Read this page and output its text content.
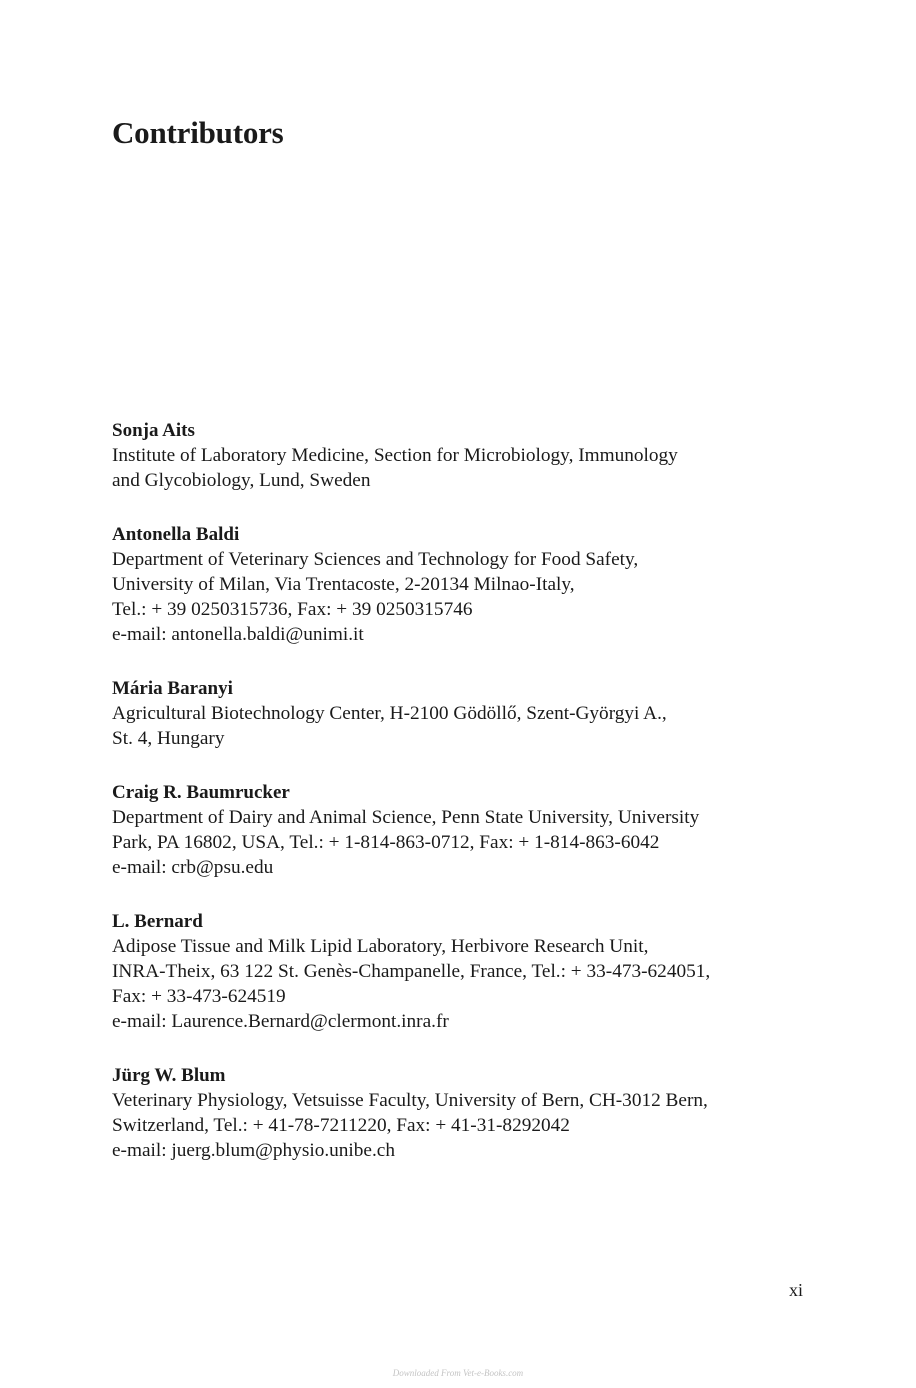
Contributors
Sonja Aits
Institute of Laboratory Medicine, Section for Microbiology, Immunology
and Glycobiology, Lund, Sweden
Antonella Baldi
Department of Veterinary Sciences and Technology for Food Safety,
University of Milan, Via Trentacoste, 2-20134 Milnao-Italy,
Tel.: + 39 0250315736, Fax: + 39 0250315746
e-mail: antonella.baldi@unimi.it
Mária Baranyi
Agricultural Biotechnology Center, H-2100 Gödöllő, Szent-Györgyi A.,
St. 4, Hungary
Craig R. Baumrucker
Department of Dairy and Animal Science, Penn State University, University
Park, PA 16802, USA, Tel.: + 1-814-863-0712, Fax: + 1-814-863-6042
e-mail: crb@psu.edu
L. Bernard
Adipose Tissue and Milk Lipid Laboratory, Herbivore Research Unit,
INRA-Theix, 63 122 St. Genès-Champanelle, France, Tel.: + 33-473-624051,
Fax: + 33-473-624519
e-mail: Laurence.Bernard@clermont.inra.fr
Jürg W. Blum
Veterinary Physiology, Vetsuisse Faculty, University of Bern, CH-3012 Bern,
Switzerland, Tel.: + 41-78-7211220, Fax: + 41-31-8292042
e-mail: juerg.blum@physio.unibe.ch
xi
Downloaded From Vet-e-Books.com
